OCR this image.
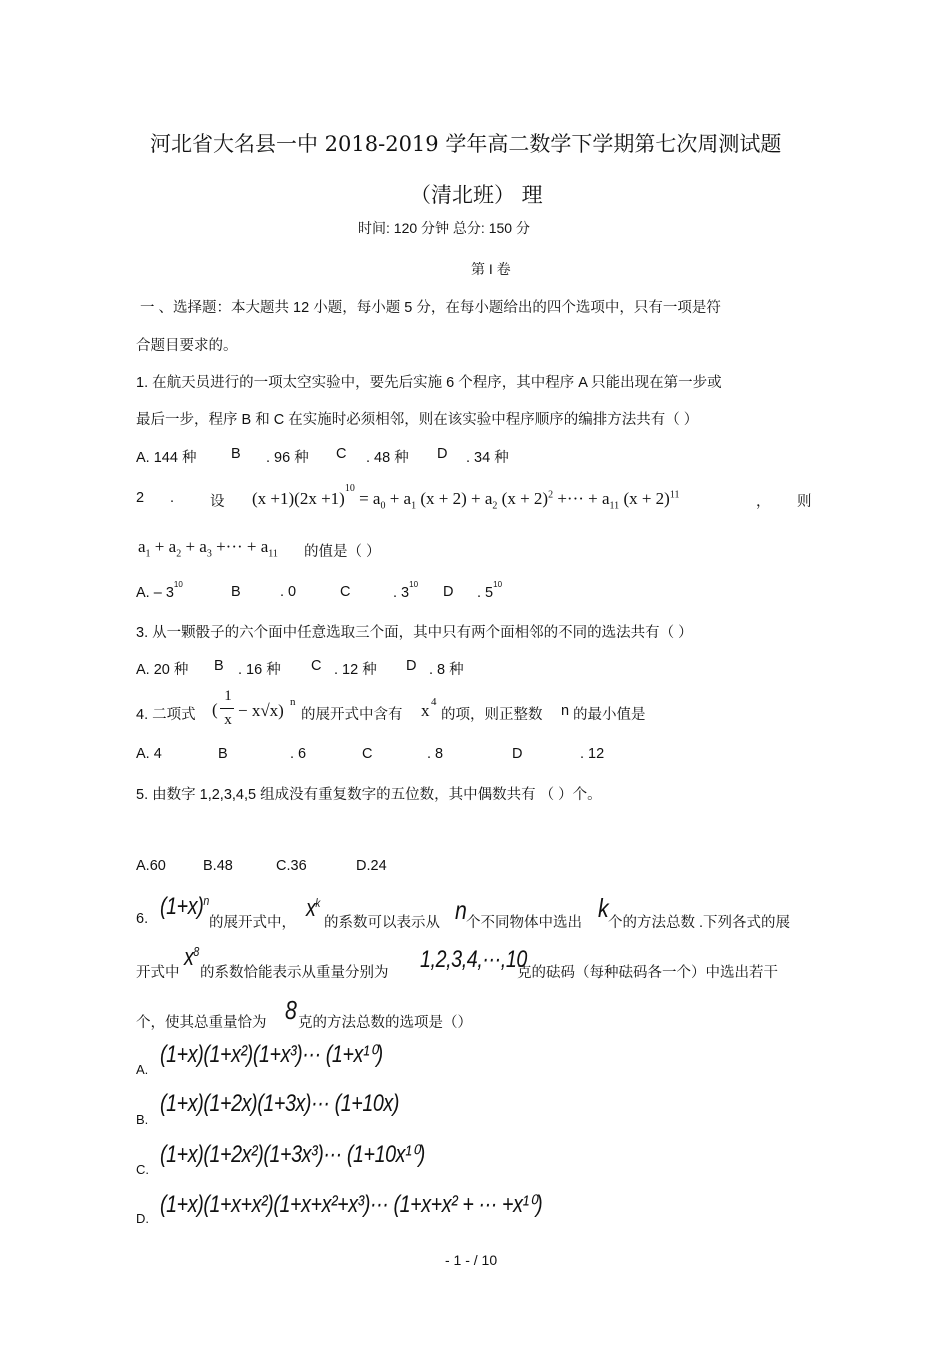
河北省大名县一中 2018-2019 学年高二数学下学期第七次周测试题
（清北班） 理
时间: 120 分钟 总分: 150 分
第 I 卷
一 、选择题：本大题共 12 小题，每小题 5 分，在每小题给出的四个选项中，只有一项是符
合题目要求的。
1. 在航天员进行的一项太空实验中，要先后实施 6 个程序，其中程序 A 只能出现在第一步或
最后一步，程序 B 和 C 在实施时必须相邻，则在该实验中程序顺序的编排方法共有（ ）
A. 144 种 B . 96 种 C . 48 种 D . 34 种
2 . 设 $(x +1)(2x +1)^{10} = a_0 + a_1$ $(x + 2) + a_2$ $(x + 2)^2$ +··· + $a_{11}$ $(x + 2)^{11}$	， 则
$a_1 + a_2 + a_3$ +··· + $a_{11}$ 的值是（ ）
A. – $3^{10}$	B	. 0	C	. $3^{10}$ D . $5^{10}$
3. 从一颗骰子的六个面中任意选取三个面，其中只有两个面相邻的不同的选法共有（ ）
A. 20 种 B . 16 种 C . 12 种 D . 8 种
4. 二项式 (
1
x − x√x) n
的展开式中含有 x 4
的项，则正整数 n 的最小值是
A. 4	B	. 6	C	. 8	D	. 12
5. 由数字 1,2,3,4,5 组成没有重复数字的五位数，其中偶数共有 （ ）个。
A.60	B.48	C.36	D.24
6. $(1+x)^n$
的展开式中，
$x^k$
的系数可以表示从 n 个不同物体中选出 k 个的方法总数 .下列各式的展
开式中
$x^8$
的系数恰能表示从重量分别为 1,2,3,4,···,10
克的砝码（每种砝码各一个）中选出若干
个，使其总重量恰为 8 克的方法总数的选项是（）
A.
(1+x)(1+x²)(1+x³)··· (1+x¹⁰)
B.
(1+x)(1+2x)(1+3x)··· (1+10x)
C.
(1+x)(1+2x²)(1+3x³)··· (1+10x¹⁰)
D.
(1+x)(1+x+x²)(1+x+x²+x³)··· (1+x+x² + ··· +x¹⁰)
- 1 - / 10
